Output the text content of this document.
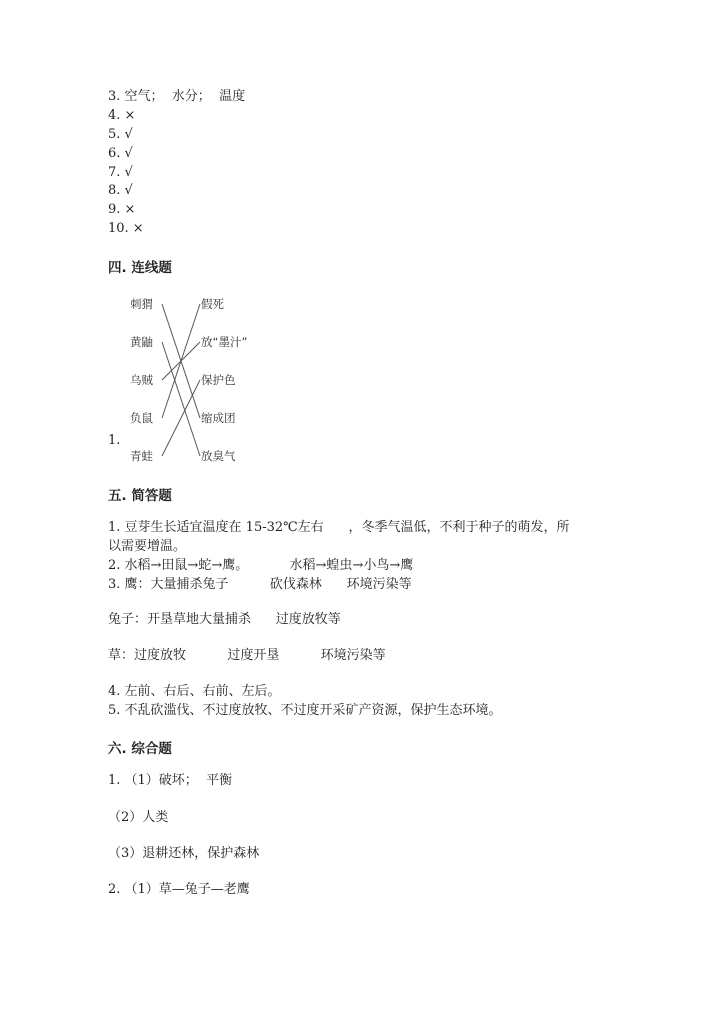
3. 空气；  水分；  温度
4. ×
5. √
6. √
7. √
8. √
9. ×
10. ×
四. 连线题
1.
刺猬
黄鼬
乌贼
负鼠
青蛙
假死
放“墨汁”
保护色
缩成团
放臭气
五. 简答题
1. 豆芽生长适宜温度在 15-32℃左右      ，冬季气温低，不利于种子的萌发，所
以需要增温。
2. 水稻→田鼠→蛇→鹰。          水稻→蝗虫→小鸟→鹰
3. 鹰：大量捕杀兔子          砍伐森林      环境污染等
兔子：开垦草地大量捕杀      过度放牧等
草：过度放牧          过度开垦          环境污染等
4. 左前、右后、右前、左后。
5. 不乱砍滥伐、不过度放牧、不过度开采矿产资源，保护生态环境。
六. 综合题
1. （1）破坏；  平衡
（2）人类
（3）退耕还林，保护森林
2. （1）草—兔子—老鹰
